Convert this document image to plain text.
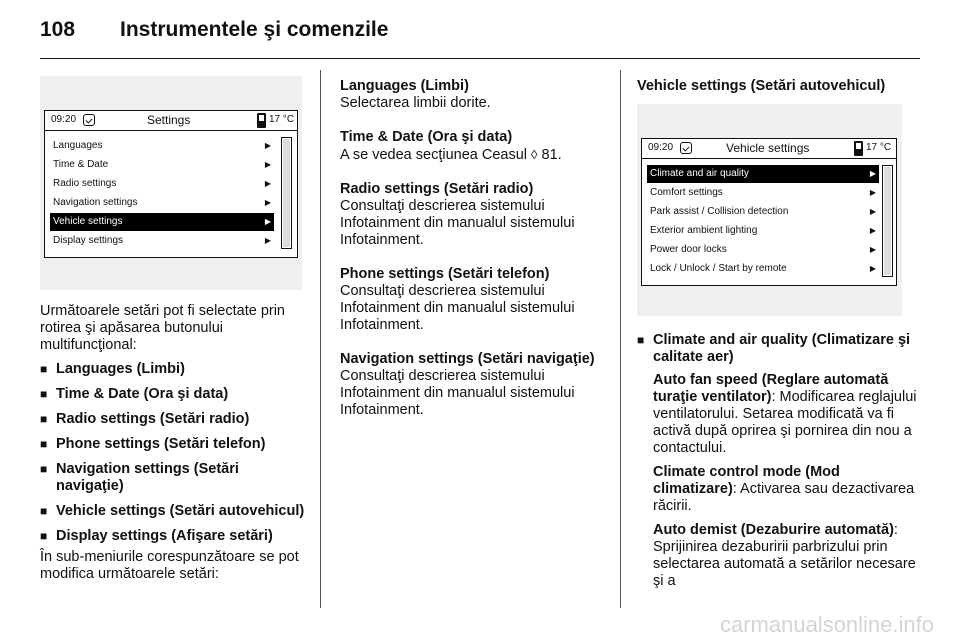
108 Instrumentele şi comenzile
09:20	Settings	17 °C
Languages	▶
Time & Date	▶
Radio settings	▶
Navigation settings	▶
Vehicle settings	▶
Display settings	▶

Următoarele setări pot fi selectate prin rotirea şi apăsarea butonului multifuncţional:

■ Languages (Limbi)
■ Time & Date (Ora şi data)
■ Radio settings (Setări radio)
■ Phone settings (Setări telefon)
■ Navigation settings (Setări navigaţie)
■ Vehicle settings (Setări autovehicul)
■ Display settings (Afişare setări)

În sub-meniurile corespunzătoare se pot modifica următoarele setări:

Languages (Limbi)
Selectarea limbii dorite.
Time & Date (Ora şi data)
A se vedea secţiunea Ceasul ◊ 81.
Radio settings (Setări radio)
Consultaţi descrierea sistemului Infotainment din manualul sistemului Infotainment.
Phone settings (Setări telefon)
Consultaţi descrierea sistemului Infotainment din manualul sistemului Infotainment.
Navigation settings (Setări navigaţie)
Consultaţi descrierea sistemului Infotainment din manualul sistemului Infotainment.
Vehicle settings (Setări autovehicul)
09:20	Vehicle settings	17 °C
Climate and air quality	▶
Comfort settings	▶
Park assist / Collision detection	▶
Exterior ambient lighting	▶
Power door locks	▶
Lock / Unlock / Start by remote	▶
■ Climate and air quality (Climatizare şi calitate aer)

Auto fan speed (Reglare automată turaţie ventilator): Modificarea reglajului ventilatorului. Setarea modificată va fi activă după oprirea şi pornirea din nou a contactului.

Climate control mode (Mod climatizare): Activarea sau dezactivarea răcirii.

Auto demist (Dezaburire automată): Sprijinirea dezaburirii parbrizului prin selectarea automată a setărilor necesare şi a

carmanualsonline.info
